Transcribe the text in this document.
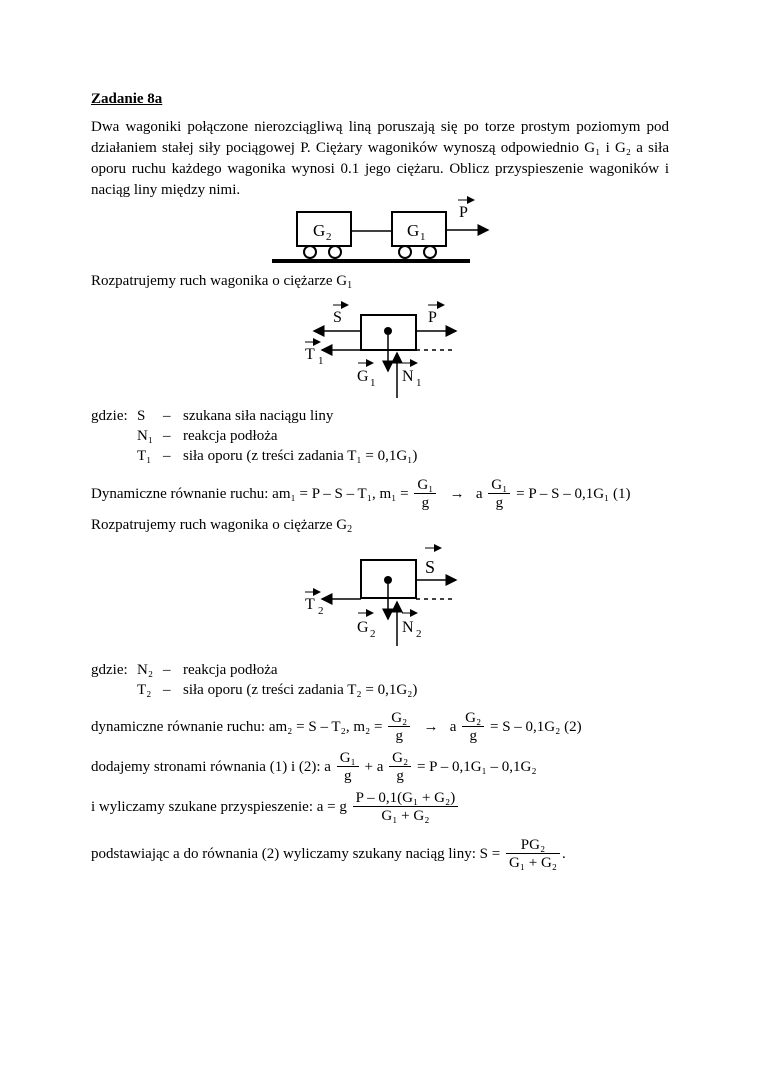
Zadanie 8a
Dwa wagoniki połączone nierozciągliwą liną poruszają się po torze prostym poziomym pod działaniem stałej siły pociągowej P. Ciężary wagoników wynoszą odpowiednio G₁ i G₂ a siła oporu ruchu każdego wagonika wynosi 0.1 jego ciężaru. Oblicz przyspieszenie wagoników i naciąg liny między nimi.
G 2	G 1
P
Rozpatrujemy ruch wagonika o ciężarze $G_1$
S	P
T 1
G 1 N 1
gdzie:	S	–	szukana siła naciągu liny
	N₁	–	reakcja podłoża
	T₁	–	siła oporu (z treści zadania T₁ = 0,1G₁)
Dynamiczne równanie ruchu: am₁ = P – S – T₁, $m_1 = \frac{\text{G₁}}{g} \to a \frac{\text{G₁}}{g} = P - S - 0,1G_1$ (1)
Rozpatrujemy ruch wagonika o ciężarze $G_2$
S
T 2
G 2 N 2
gdzie:	N₂	–	reakcja podłoża
	T₂	–	siła oporu (z treści zadania T₂ = 0,1G₂)
dynamiczne równanie ruchu: am₂ = S – T₂, $m_2 = \frac{\text{G₂}}{g} \to a \frac{\text{G₂}}{g} = S - 0,1G_2$ (2)
dodajemy stronami równania (1) i (2): a $\frac{\text{G₁}}{g} + a \frac{\text{G₂}}{g} = P - 0,1G_1 - 0,1G_2$
i wyliczamy szukane przyspieszenie: a = g $\frac{\text{P – 0,1(G₁ + G₂)}}{\text{G₁ + G₂}}$
podstawiając a do równania (2) wyliczamy szukany naciąg liny: $S = \frac{\text{PG₂}}{\text{G₁ + G₂}}$ .
